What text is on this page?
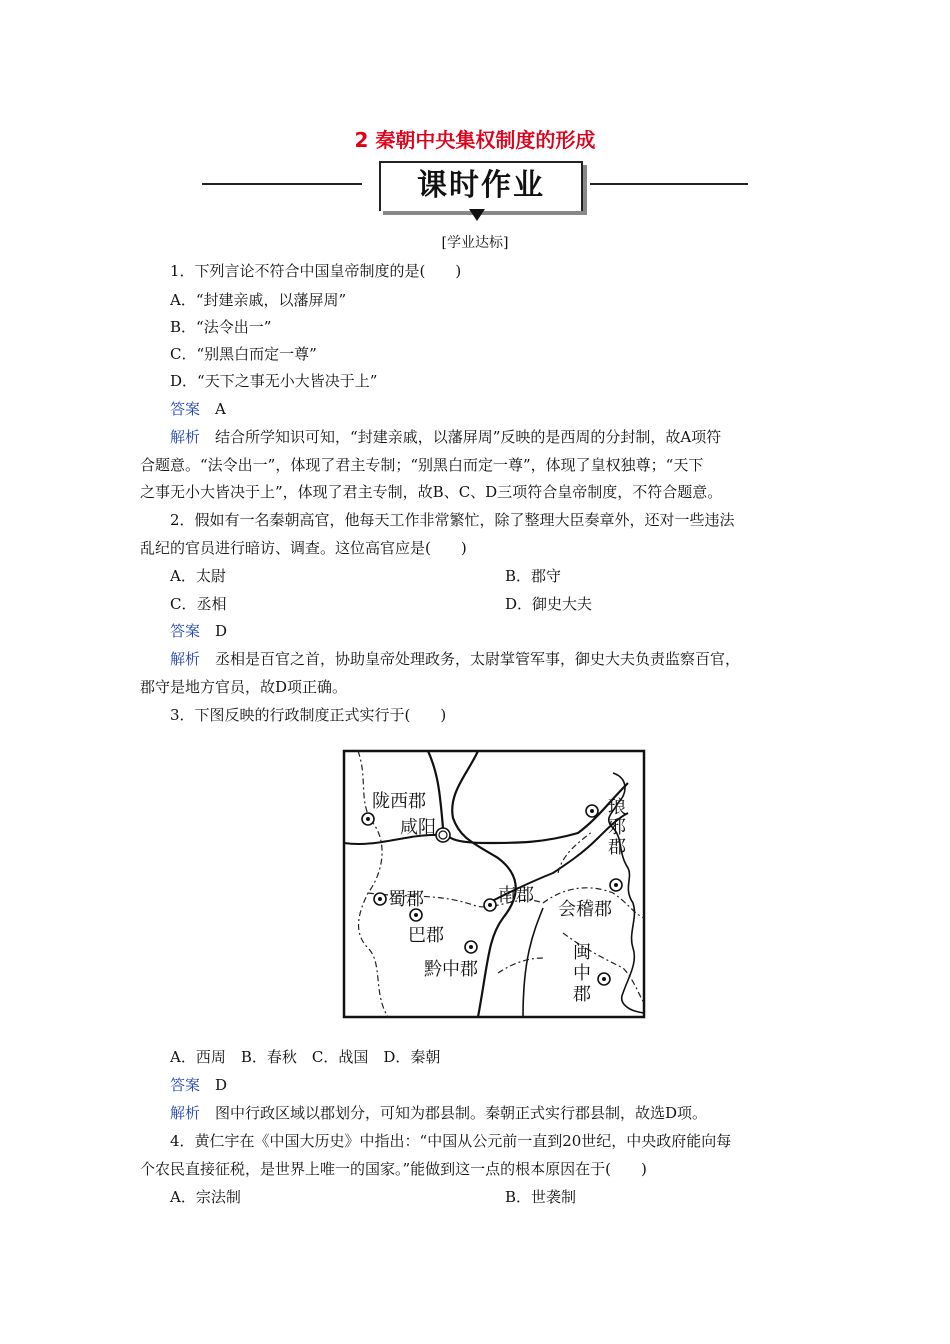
2 秦朝中央集权制度的形成
课时作业
[学业达标]
1．下列言论不符合中国皇帝制度的是(　　)
A．“封建亲戚，以藩屏周”
B．“法令出一”
C．“别黑白而定一尊”
D．“天下之事无小大皆决于上”
答案　 A
解析　 结合所学知识可知，“封建亲戚，以藩屏周”反映的是西周的分封制，故A项符
合题意。“法令出一”，体现了君主专制；“别黑白而定一尊”，体现了皇权独尊；“天下
之事无小大皆决于上”，体现了君主专制，故B、C、D三项符合皇帝制度，不符合题意。
2．假如有一名秦朝高官，他每天工作非常繁忙，除了整理大臣奏章外，还对一些违法
乱纪的官员进行暗访、调查。这位高官应是(　　)
A．太尉	B．郡守
C．丞相	D．御史大夫
答案　 D
解析　 丞相是百官之首，协助皇帝处理政务，太尉掌管军事，御史大夫负责监察百官，
郡守是地方官员，故D项正确。
3．下图反映的行政制度正式实行于(　　)
陇西郡
咸阳
琅
邪
郡
蜀郡	南郡
会稽郡
巴郡
黔中郡
闽
中
郡
A．西周　B．春秋　C．战国　D．秦朝
答案　 D
解析　 图中行政区域以郡划分，可知为郡县制。秦朝正式实行郡县制，故选D项。
4．黄仁宇在《中国大历史》中指出：“中国从公元前一直到20世纪，中央政府能向每
个农民直接征税，是世界上唯一的国家。”能做到这一点的根本原因在于(　　)
A．宗法制	B．世袭制
